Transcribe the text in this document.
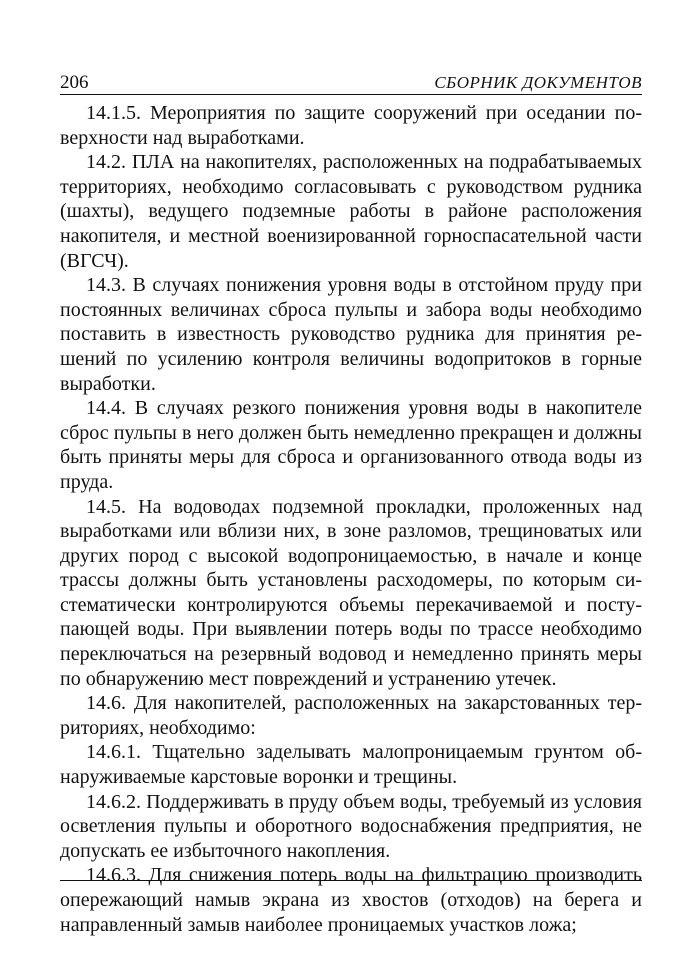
206	СБОРНИК ДОКУМЕНТОВ

14.1.5. Мероприятия по защите сооружений при оседании поверхности над выработками.

14.2. ПЛА на накопителях, расположенных на подрабатываемых территориях, необходимо согласовывать с руководством рудника (шахты), ведущего подземные работы в районе расположения накопителя, и местной военизированной горноспасательной части (ВГСЧ).

14.3. В случаях понижения уровня воды в отстойном пруду при постоянных величинах сброса пульпы и забора воды необходимо поставить в известность руководство рудника для принятия решений по усилению контроля величины водопритоков в горные выработки.

14.4. В случаях резкого понижения уровня воды в накопителе сброс пульпы в него должен быть немедленно прекращен и должны быть приняты меры для сброса и организованного отвода воды из пруда.

14.5. На водоводах подземной прокладки, проложенных над выработками или вблизи них, в зоне разломов, трещиноватых или других пород с высокой водопроницаемостью, в начале и конце трассы должны быть установлены расходомеры, по которым систематически контролируются объемы перекачиваемой и поступающей воды. При выявлении потерь воды по трассе необходимо переключаться на резервный водовод и немедленно принять меры по обнаружению мест повреждений и устранению утечек.

14.6. Для накопителей, расположенных на закарстованных территориях, необходимо:

14.6.1. Тщательно заделывать малопроницаемым грунтом обнаруживаемые карстовые воронки и трещины.

14.6.2. Поддерживать в пруду объем воды, требуемый из условия осветления пульпы и оборотного водоснабжения предприятия, не допускать ее избыточного накопления.

14.6.3. Для снижения потерь воды на фильтрацию производить опережающий намыв экрана из хвостов (отходов) на берега и направленный замыв наиболее проницаемых участков ложа;
